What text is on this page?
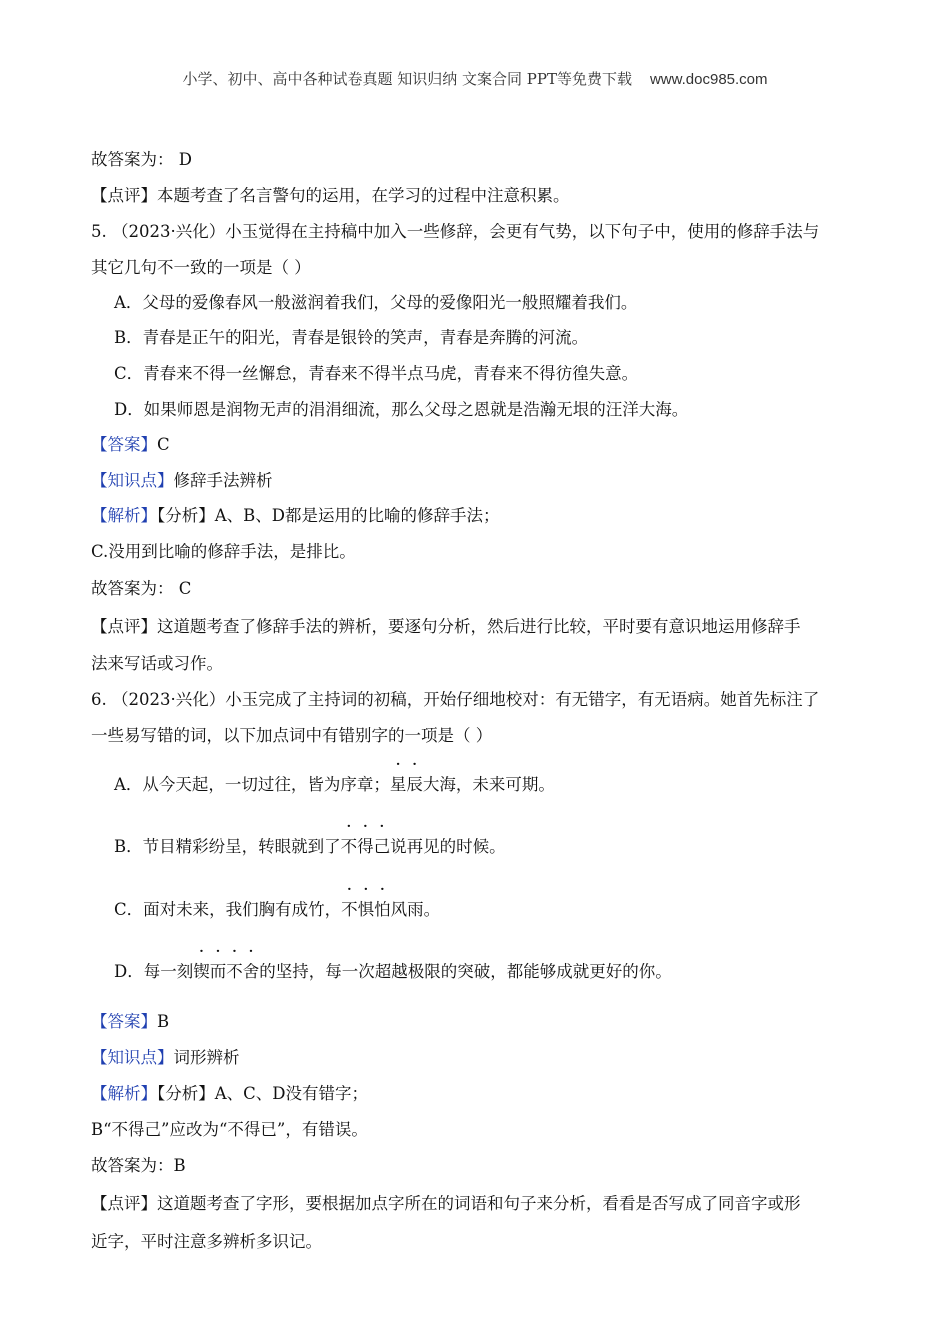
小学、初中、高中各种试卷真题 知识归纳 文案合同 PPT等免费下载 www.doc985.com
故答案为： D
【点评】本题考查了名言警句的运用，在学习的过程中注意积累。
5. （2023·兴化）小玉觉得在主持稿中加入一些修辞，会更有气势，以下句子中，使用的修辞手法与
其它几句不一致的一项是（ ）
A．父母的爱像春风一般滋润着我们，父母的爱像阳光一般照耀着我们。
B．青春是正午的阳光，青春是银铃的笑声，青春是奔腾的河流。
C．青春来不得一丝懈怠，青春来不得半点马虎，青春来不得彷徨失意。
D．如果师恩是润物无声的涓涓细流，那么父母之恩就是浩瀚无垠的汪洋大海。
【答案】C
【知识点】修辞手法辨析
【解析】【分析】A、B、D都是运用的比喻的修辞手法；
C.没用到比喻的修辞手法，是排比。
故答案为： C
【点评】这道题考查了修辞手法的辨析，要逐句分析，然后进行比较，平时要有意识地运用修辞手
法来写话或习作。
6. （2023·兴化）小玉完成了主持词的初稿，开始仔细地校对：有无错字，有无语病。她首先标注了
一些易写错的词，以下加点词中有错别字的一项是（ ）
A．从今天起，一切过往，皆为序章；星辰大海，未来可期。
B．节目精彩纷呈，转眼就到了不得己说再见的时候。
C．面对未来，我们胸有成竹，不惧怕风雨。
D．每一刻锲而不舍的坚持，每一次超越极限的突破，都能够成就更好的你。
【答案】B
【知识点】词形辨析
【解析】【分析】A、C、D没有错字；
B“不得己”应改为“不得已”，有错误。
故答案为：B
【点评】这道题考查了字形，要根据加点字所在的词语和句子来分析，看看是否写成了同音字或形
近字，平时注意多辨析多识记。
